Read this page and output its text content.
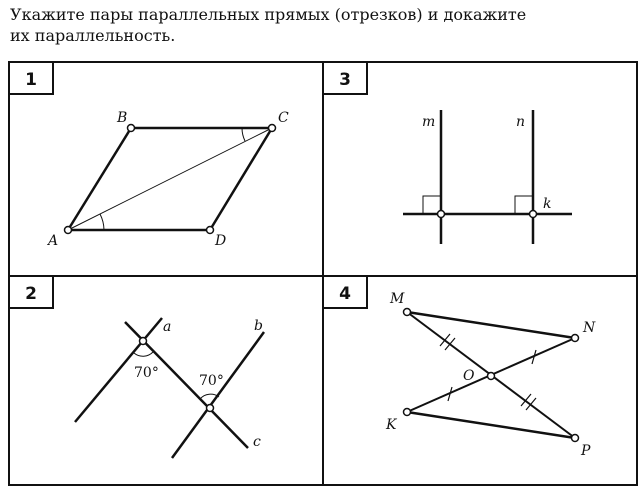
Укажите пары параллельных прямых (отрезков) и докажите
их параллельность.
1	3
2	4
A
B	C
D
m	n
k
70°	70°
a	b
c
M
N
O
K
P
